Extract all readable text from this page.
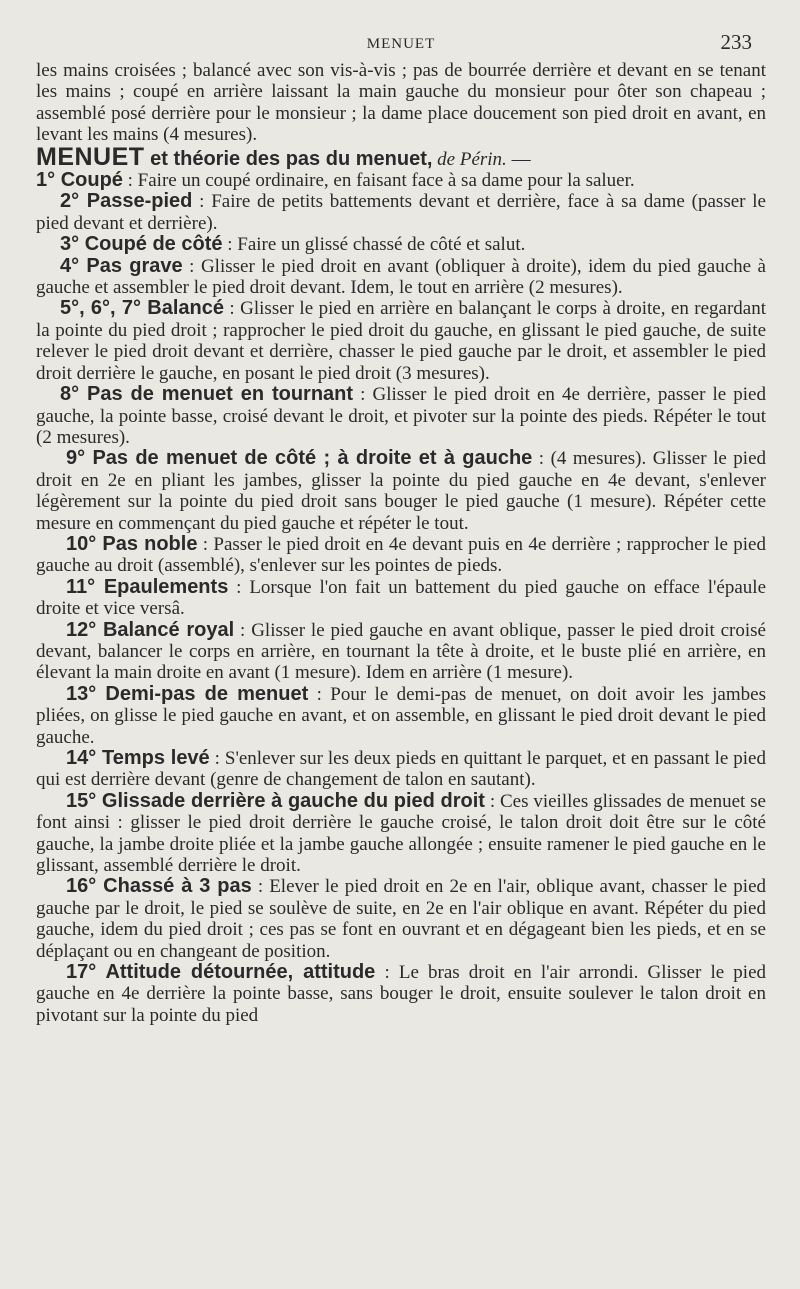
MENUET	233

les mains croisées ; balancé avec son vis-à-vis ; pas de bourrée derrière et devant en se tenant les mains ; coupé en arrière laissant la main gauche du monsieur pour ôter son chapeau ; assemblé posé derrière pour le monsieur ; la dame place doucement son pied droit en avant, en levant les mains (4 mesures).

MENUET et théorie des pas du menuet, de Périn. —

1° Coupé : Faire un coupé ordinaire, en faisant face à sa dame pour la saluer.

2° Passe-pied : Faire de petits battements devant et derrière, face à sa dame (passer le pied devant et derrière).

3° Coupé de côté : Faire un glissé chassé de côté et salut.

4° Pas grave : Glisser le pied droit en avant (obliquer à droite), idem du pied gauche à gauche et assembler le pied droit devant. Idem, le tout en arrière (2 mesures).

5°, 6°, 7° Balancé : Glisser le pied en arrière en balançant le corps à droite, en regardant la pointe du pied droit ; rapprocher le pied droit du gauche, en glissant le pied gauche, de suite relever le pied droit devant et derrière, chasser le pied gauche par le droit, et assembler le pied droit derrière le gauche, en posant le pied droit (3 mesures).

8° Pas de menuet en tournant : Glisser le pied droit en 4e derrière, passer le pied gauche, la pointe basse, croisé devant le droit, et pivoter sur la pointe des pieds. Répéter le tout (2 mesures).

9° Pas de menuet de côté ; à droite et à gauche : (4 mesures). Glisser le pied droit en 2e en pliant les jambes, glisser la pointe du pied gauche en 4e devant, s'enlever légèrement sur la pointe du pied droit sans bouger le pied gauche (1 mesure). Répéter cette mesure en commençant du pied gauche et répéter le tout.

10° Pas noble : Passer le pied droit en 4e devant puis en 4e derrière ; rapprocher le pied gauche au droit (assemblé), s'enlever sur les pointes de pieds.

11° Epaulements : Lorsque l'on fait un battement du pied gauche on efface l'épaule droite et vice versâ.

12° Balancé royal : Glisser le pied gauche en avant oblique, passer le pied droit croisé devant, balancer le corps en arrière, en tournant la tête à droite, et le buste plié en arrière, en élevant la main droite en avant (1 mesure). Idem en arrière (1 mesure).

13° Demi-pas de menuet : Pour le demi-pas de menuet, on doit avoir les jambes pliées, on glisse le pied gauche en avant, et on assemble, en glissant le pied droit devant le pied gauche.

14° Temps levé : S'enlever sur les deux pieds en quittant le parquet, et en passant le pied qui est derrière devant (genre de changement de talon en sautant).

15° Glissade derrière à gauche du pied droit : Ces vieilles glissades de menuet se font ainsi : glisser le pied droit derrière le gauche croisé, le talon droit doit être sur le côté gauche, la jambe droite pliée et la jambe gauche allongée ; ensuite ramener le pied gauche en le glissant, assemblé derrière le droit.

16° Chassé à 3 pas : Elever le pied droit en 2e en l'air, oblique avant, chasser le pied gauche par le droit, le pied se soulève de suite, en 2e en l'air oblique en avant. Répéter du pied gauche, idem du pied droit ; ces pas se font en ouvrant et en dégageant bien les pieds, et en se déplaçant ou en changeant de position.

17° Attitude détournée, attitude : Le bras droit en l'air arrondi. Glisser le pied gauche en 4e derrière la pointe basse, sans bouger le droit, ensuite soulever le talon droit en pivotant sur la pointe du pied
